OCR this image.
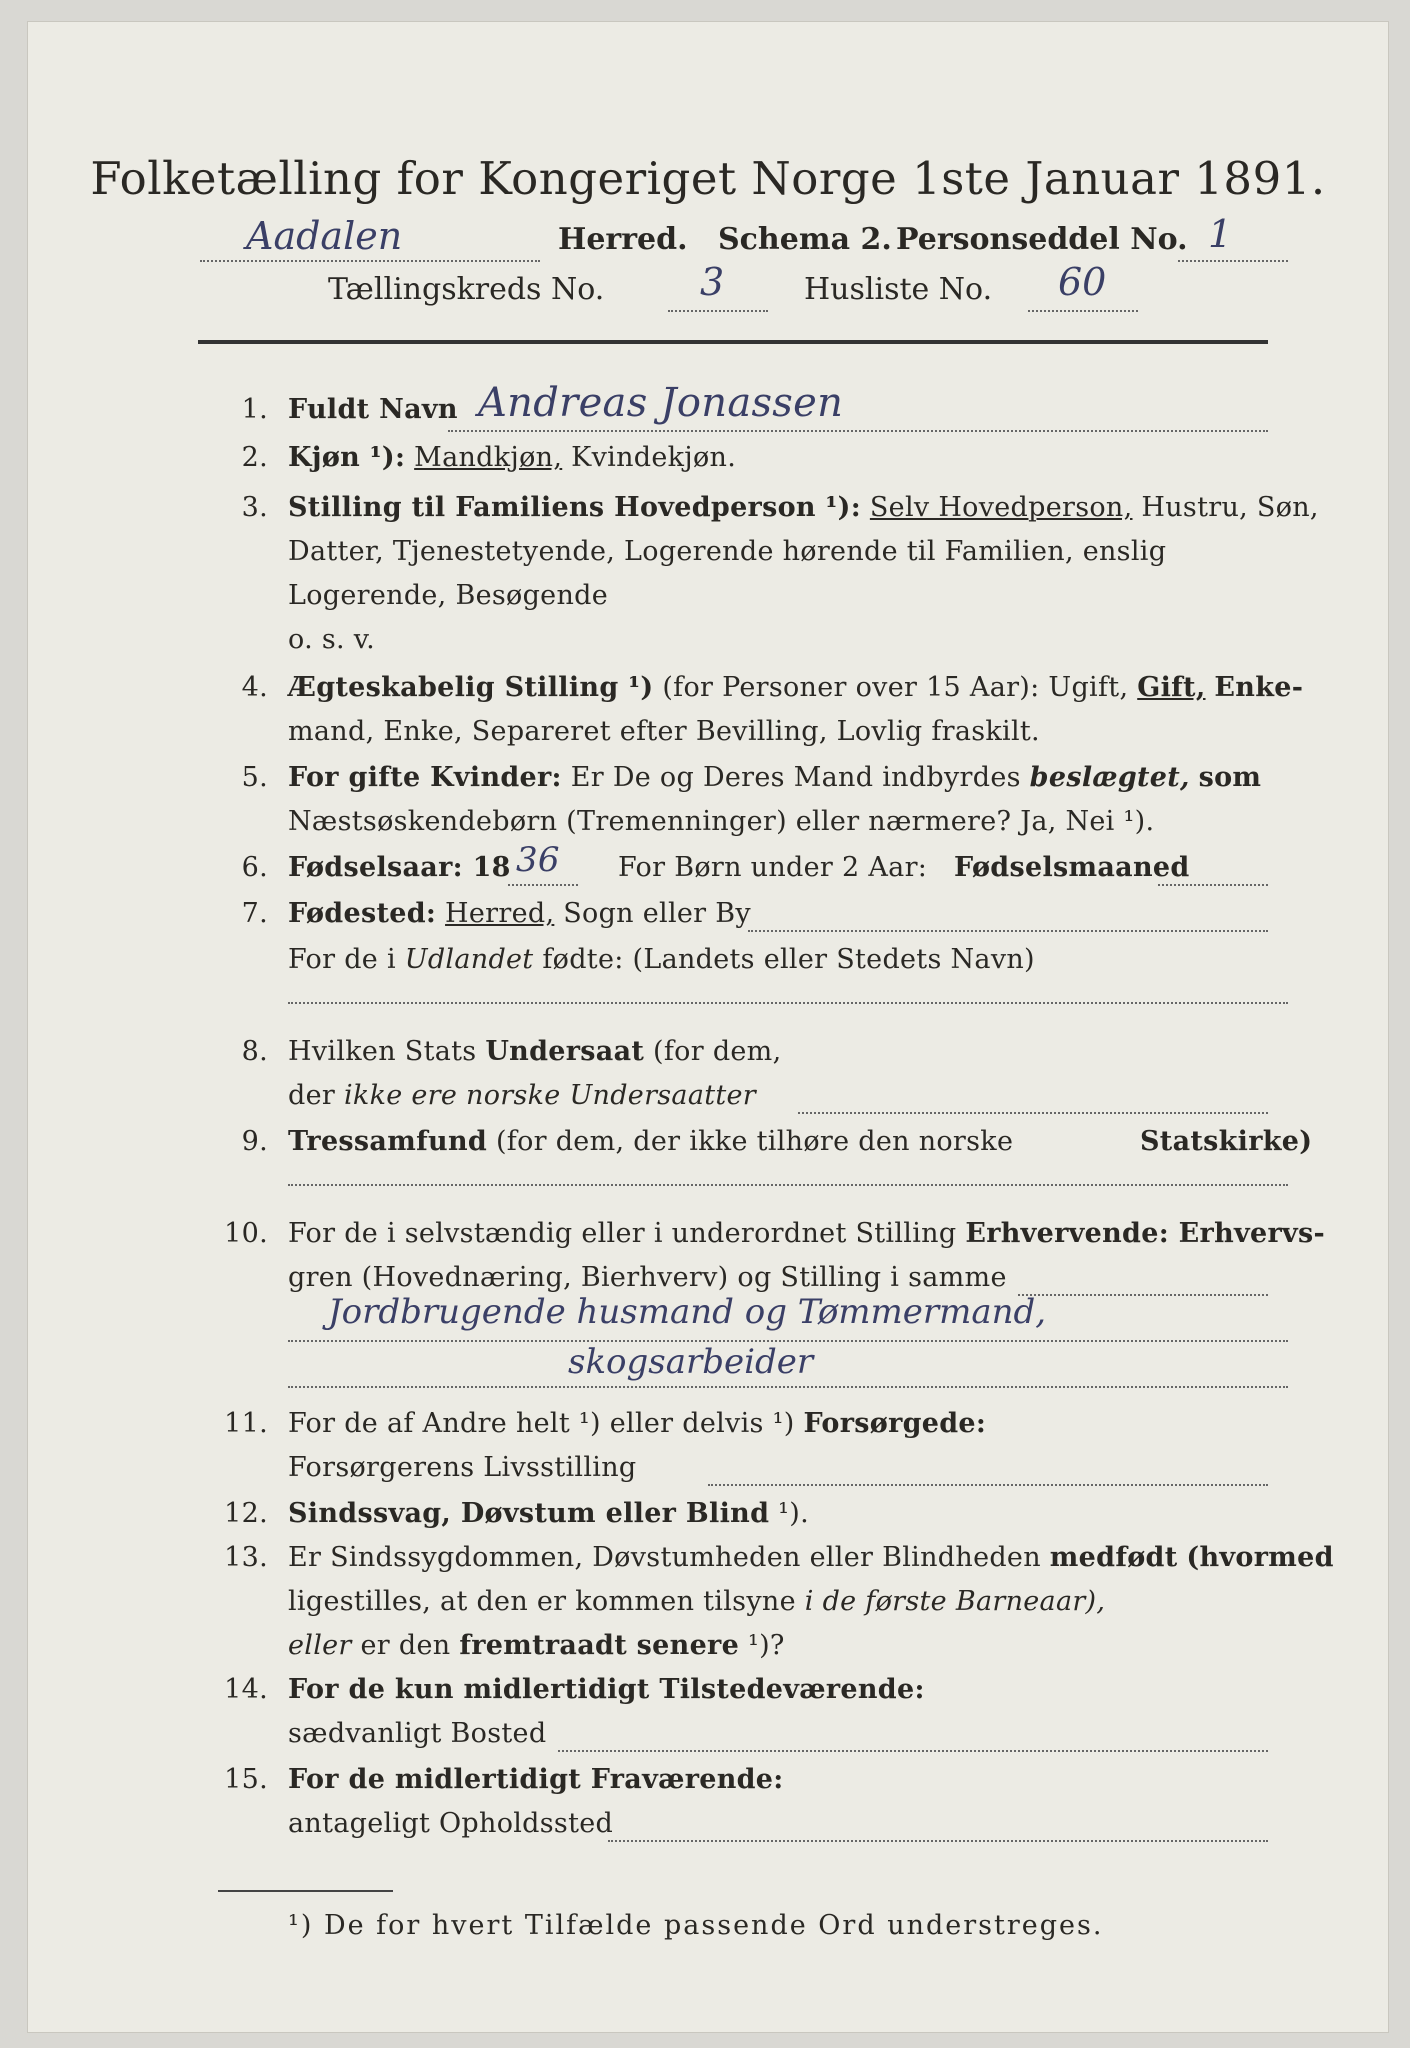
Folketælling for Kongeriget Norge 1ste Januar 1891.
Aadalen	Herred. Schema 2. Personseddel No. 1
Tællingskreds No.	3	Husliste No. 60
1. Fuldt Navn Andreas Jonassen
2. Kjøn ¹): Mandkjøn, Kvindekjøn.
3. Stilling til Familiens Hovedperson ¹): Selv Hovedperson, Hustru, Søn,
Datter, Tjenestetyende, Logerende hørende til Familien, enslig
Logerende, Besøgende
o. s. v.
4. Ægteskabelig Stilling ¹) (for Personer over 15 Aar): Ugift, Gift, Enke-
mand, Enke, Separeret efter Bevilling, Lovlig fraskilt.
5. For gifte Kvinder: Er De og Deres Mand indbyrdes beslægtet, som
Næstsøskendebørn (Tremenninger) eller nærmere? Ja, Nei ¹).
6. Fødselsaar: 18 36 For Børn under 2 Aar: Fødselsmaaned
7. Fødested: Herred, Sogn eller By
For de i Udlandet fødte: (Landets eller Stedets Navn)
8. Hvilken Stats Undersaat (for dem,
der ikke ere norske Undersaatter
9. Tressamfund (for dem, der ikke tilhøre den norske	Statskirke)
10. For de i selvstændig eller i underordnet Stilling Erhvervende: Erhvervs-
gren (Hovednæring, Bierhverv) og Stilling i samme
Jordbrugende husmand og Tømmermand,
skogsarbeider
11. For de af Andre helt ¹) eller delvis ¹) Forsørgede:
Forsørgerens Livsstilling
12. Sindssvag, Døvstum eller Blind ¹).
13. Er Sindssygdommen, Døvstumheden eller Blindheden medfødt (hvormed
ligestilles, at den er kommen tilsyne i de første Barneaar),
eller er den fremtraadt senere ¹)?
14. For de kun midlertidigt Tilstedeværende:
sædvanligt Bosted
15. For de midlertidigt Fraværende:
antageligt Opholdssted
¹) De for hvert Tilfælde passende Ord understreges.
